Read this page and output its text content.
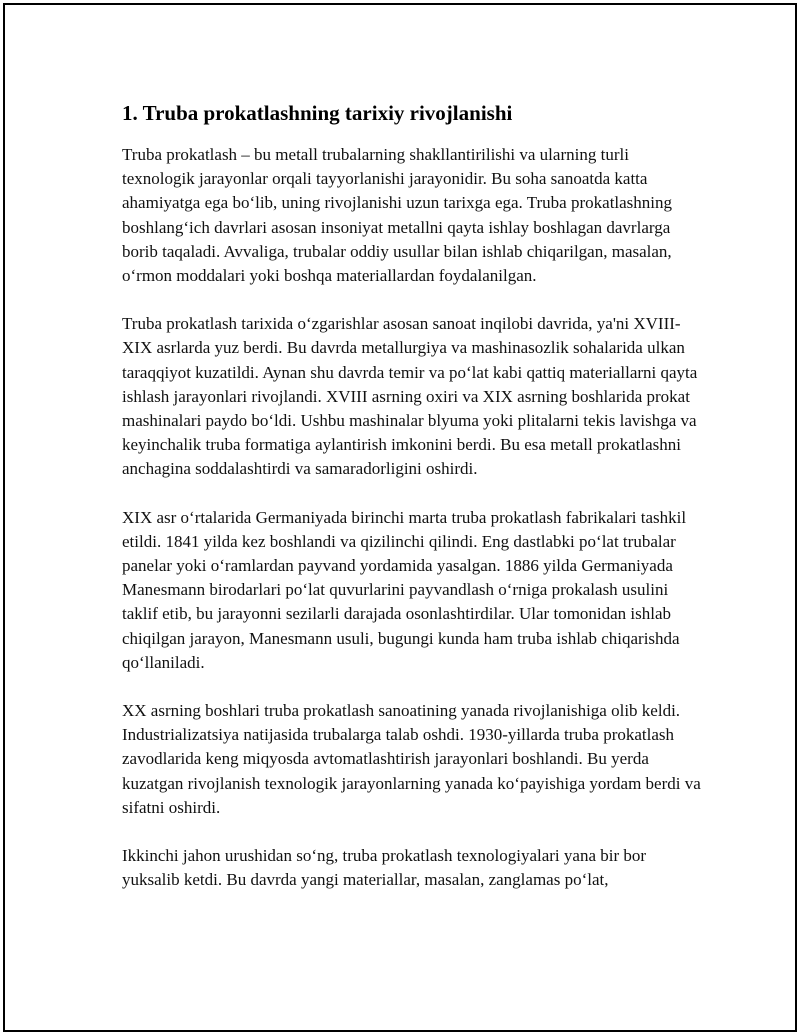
1. Truba prokatlashning tarixiy rivojlanishi

Truba prokatlash – bu metall trubalarning shakllantirilishi va ularning turli texnologik jarayonlar orqali tayyorlanishi jarayonidir. Bu soha sanoatda katta ahamiyatga ega bo‘lib, uning rivojlanishi uzun tarixga ega. Truba prokatlashning boshlang‘ich davrlari asosan insoniyat metallni qayta ishlay boshlagan davrlarga borib taqaladi. Avvaliga, trubalar oddiy usullar bilan ishlab chiqarilgan, masalan, o‘rmon moddalari yoki boshqa materiallardan foydalanilgan.

Truba prokatlash tarixida o‘zgarishlar asosan sanoat inqilobi davrida, ya'ni XVIII-XIX asrlarda yuz berdi. Bu davrda metallurgiya va mashinasozlik sohalarida ulkan taraqqiyot kuzatildi. Aynan shu davrda temir va po‘lat kabi qattiq materiallarni qayta ishlash jarayonlari rivojlandi. XVIII asrning oxiri va XIX asrning boshlarida prokat mashinalari paydo bo‘ldi. Ushbu mashinalar blyuma yoki plitalarni tekis lavishga va keyinchalik truba formatiga aylantirish imkonini berdi. Bu esa metall prokatlashni anchagina soddalashtirdi va samaradorligini oshirdi.

XIX asr o‘rtalarida Germaniyada birinchi marta truba prokatlash fabrikalari tashkil etildi. 1841 yilda kez boshlandi va qizilinchi qilindi. Eng dastlabki po‘lat trubalar panelar yoki o‘ramlardan payvand yordamida yasalgan. 1886 yilda Germaniyada Manesmann birodarlari po‘lat quvurlarini payvandlash o‘rniga prokalash usulini taklif etib, bu jarayonni sezilarli darajada osonlashtirdilar. Ular tomonidan ishlab chiqilgan jarayon, Manesmann usuli, bugungi kunda ham truba ishlab chiqarishda qo‘llaniladi.

XX asrning boshlari truba prokatlash sanoatining yanada rivojlanishiga olib keldi. Industrializatsiya natijasida trubalarga talab oshdi. 1930-yillarda truba prokatlash zavodlarida keng miqyosda avtomatlashtirish jarayonlari boshlandi. Bu yerda kuzatgan rivojlanish texnologik jarayonlarning yanada ko‘payishiga yordam berdi va sifatni oshirdi.

Ikkinchi jahon urushidan so‘ng, truba prokatlash texnologiyalari yana bir bor yuksalib ketdi. Bu davrda yangi materiallar, masalan, zanglamas po‘lat,
